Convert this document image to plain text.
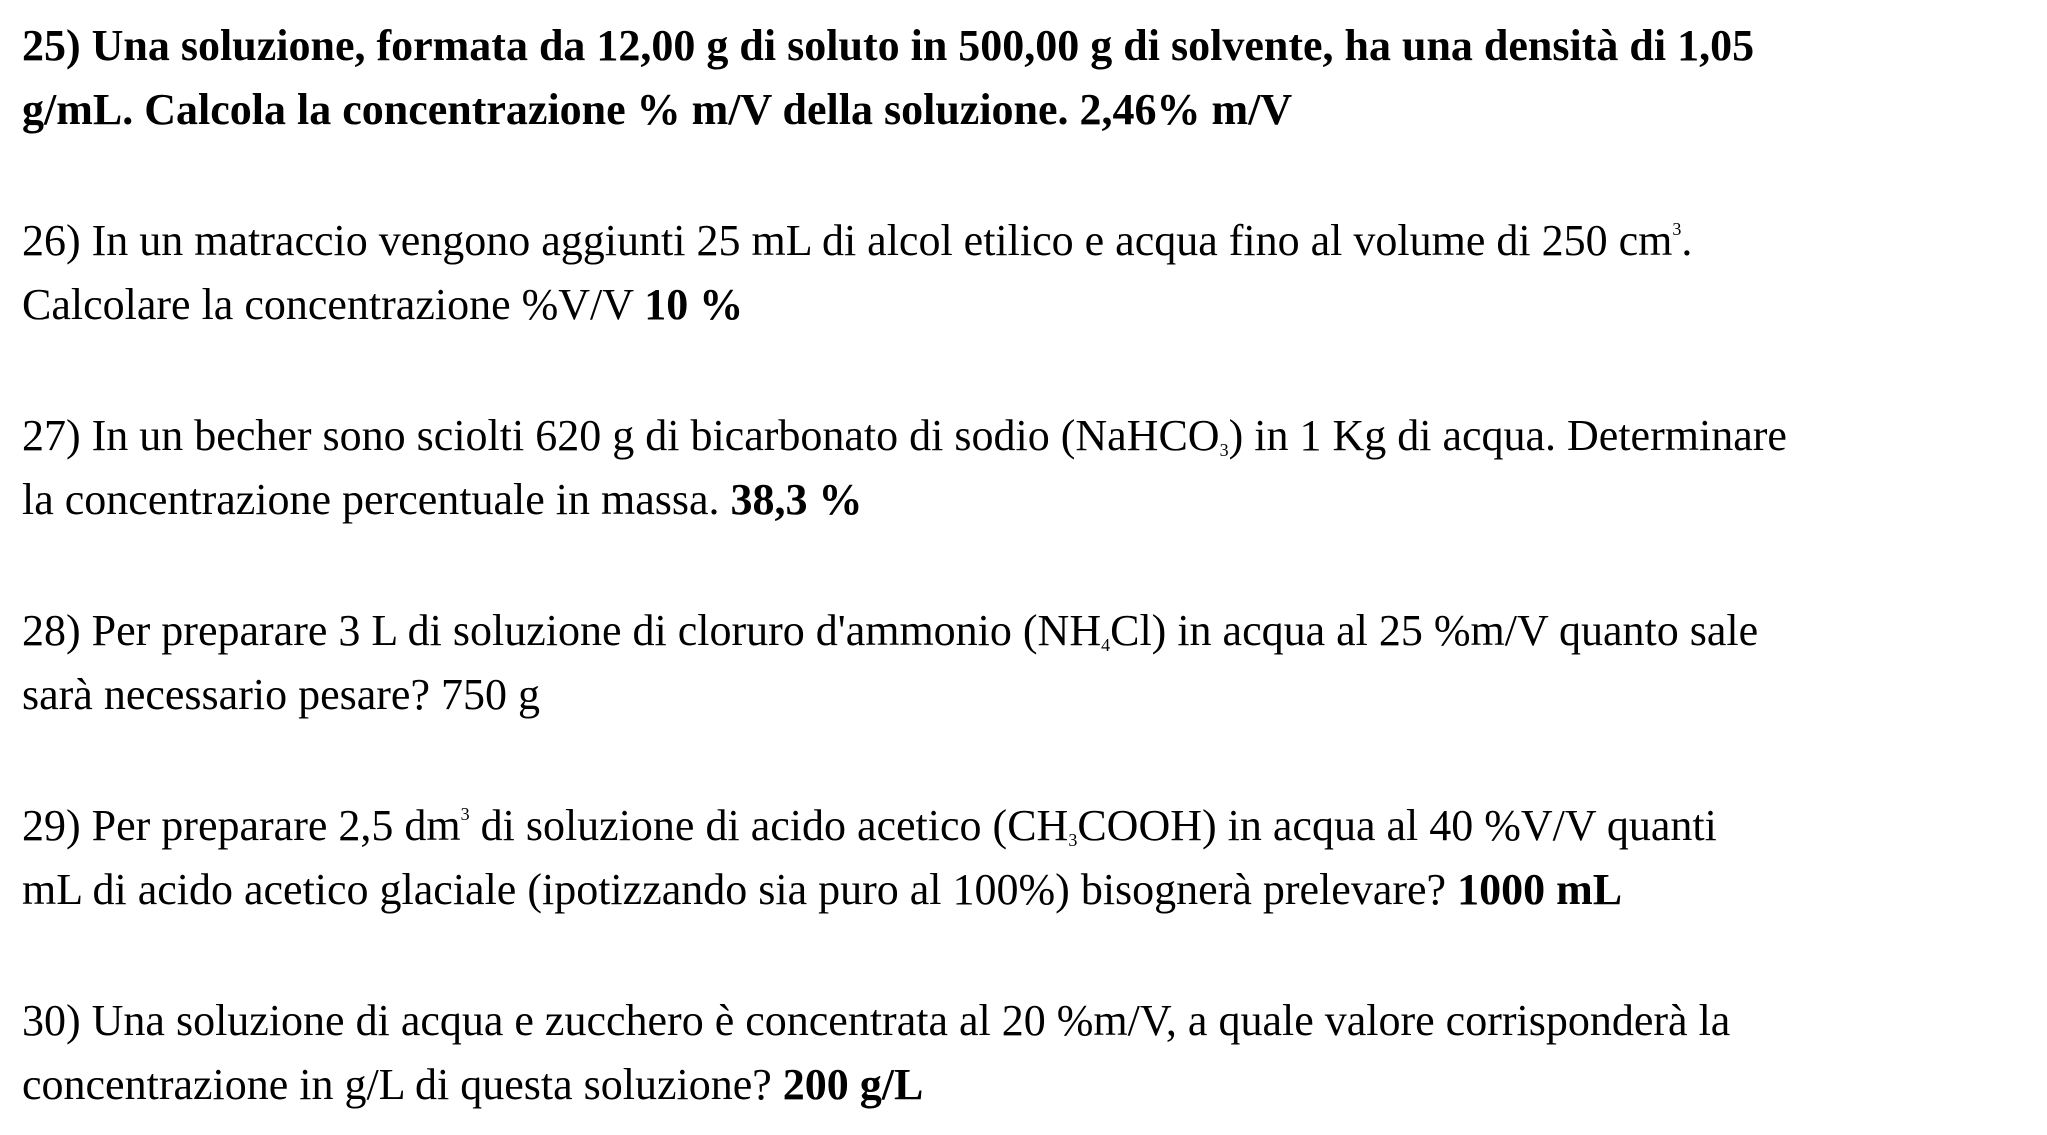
25) Una soluzione, formata da 12,00 g di soluto in 500,00 g di solvente, ha una densità di 1,05
g/mL. Calcola la concentrazione % m/V della soluzione. 2,46% m/V

26) In un matraccio vengono aggiunti 25 mL di alcol etilico e acqua fino al volume di 250 $cm^3$.
Calcolare la concentrazione %V/V 10 %

27) In un becher sono sciolti 620 g di bicarbonato di sodio (NaHCO$_3$) in 1 Kg di acqua. Determinare
la concentrazione percentuale in massa. 38,3 %

28) Per preparare 3 L di soluzione di cloruro d'ammonio $(NH_4Cl)$ in acqua al 25 %m/V quanto sale
sarà necessario pesare? 750 g

29) Per preparare 2,5 $dm^3$ di soluzione di acido acetico $(CH_3COOH)$ in acqua al 40 %V/V quanti
mL di acido acetico glaciale (ipotizzando sia puro al 100%) bisognerà prelevare? 1000 mL

30) Una soluzione di acqua e zucchero è concentrata al 20 %m/V, a quale valore corrisponderà la
concentrazione in g/L di questa soluzione? 200 g/L
